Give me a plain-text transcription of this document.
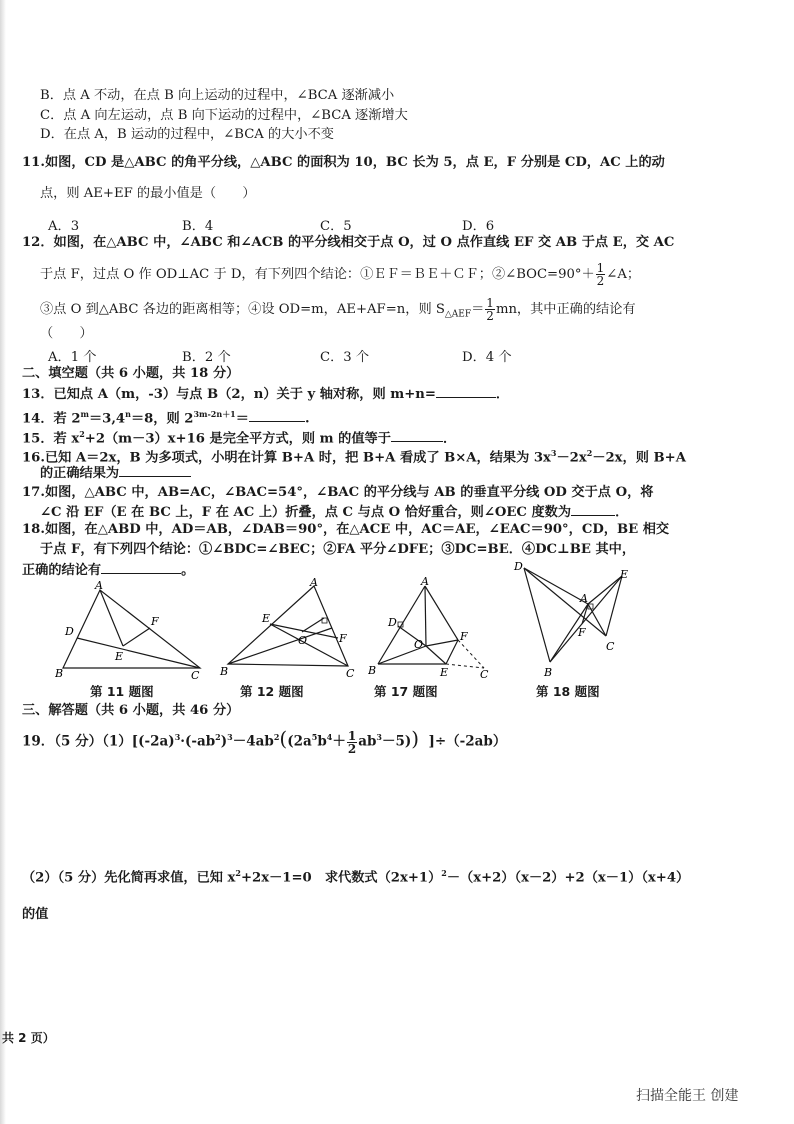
B．点 A 不动，在点 B 向上运动的过程中，∠BCA 逐渐减小
C．点 A 向左运动，点 B 向下运动的过程中，∠BCA 逐渐增大
D．在点 A，B 运动的过程中，∠BCA 的大小不变
11.如图，CD 是△ABC 的角平分线，△ABC 的面积为 10，BC 长为 5，点 E，F 分别是 CD，AC 上的动
点，则 AE+EF 的最小值是（　　）
A．3	B．4	C．5	D．6
12．如图，在△ABC 中，∠ABC 和∠ACB 的平分线相交于点 O，过 O 点作直线 EF 交 AB 于点 E，交 AC
于点 F，过点 O 作 OD⊥AC 于 D，有下列四个结论：①ＥＦ＝ＢＥ＋ＣＦ；②∠BOC=90°＋ $\frac{1}{2}$ ∠A；
③点 O 到△ABC 各边的距离相等；④设 OD=m，AE+AF=n，则 $S_{\triangle AEF}= \frac{1}{2}$ mn，其中正确的结论有
（　　）
A．1 个	B．2 个	C．3 个	D．4 个
二、填空题（共 6 小题，共 18 分）
13．已知点 A（m，-3）与点 B（2，n）关于 y 轴对称，则 m+n=	．
14．若 $2^m=3,4^n=8$，则 $2^{3m-2n+1}=$	.
15．若 $x^2+2(m-3)x+16$ 是完全平方式，则 m 的值等于	．
16.已知 A＝2x，B 为多项式，小明在计算 B+A 时，把 B+A 看成了 B×A，结果为 $3x^3-2x^2-2x$，则 B+A
的正确结果为
17.如图，△ABC 中，AB=AC，∠BAC=54°，∠BAC 的平分线与 AB 的垂直平分线 OD 交于点 O，将
∠C 沿 EF（E 在 BC 上，F 在 AC 上）折叠，点 C 与点 O 恰好重合，则∠OEC 度数为	．
18.如图，在△ABD 中，AD＝AB，∠DAB＝90°，在△ACE 中，AC＝AE，∠EAC＝90°，CD，BE 相交
于点 F，有下列四个结论：①∠BDC=∠BEC；②FA 平分∠DFE；③DC=BE．④DC⊥BE 其中，
正确的结论有	。
A
B	C
D
E
F
A
B	C
E
O	F
A
B	C
D
O
E
F
D
A
E
F
C
B
第 11 题图	第 12 题图	第 17 题图	第 18 题图
三、解答题（共 6 小题，共 46 分）
19．（5 分）$(1)[(-2a)^3\cdot(-ab^2)^3-4ab^2((2a^5b^4+ \frac{1}{2} ab^3-5))$ ]÷（-2ab）
（2）（5 分）先化简再求值，已知 $x^2+2x-1=0$　求代数式$(2x+1)^2-(x+2)(x-2)+2(x-1)(x+4)$
的值
共 2 页）
扫描全能王 创建
